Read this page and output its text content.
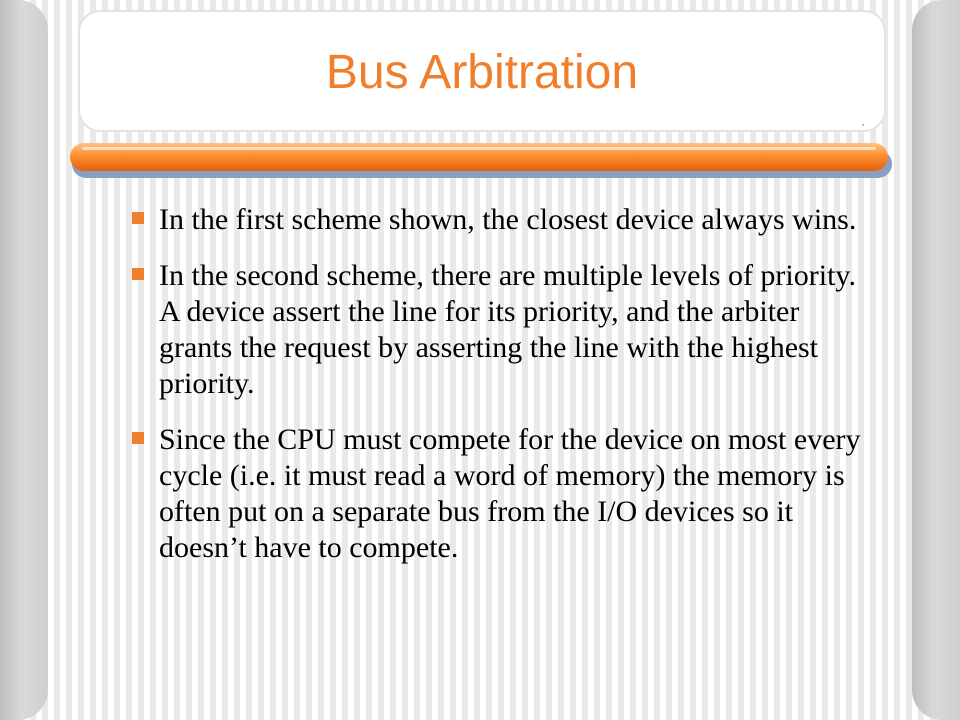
Bus Arbitration
In the first scheme shown, the closest device always wins.
In the second scheme, there are multiple levels of priority. A device assert the line for its priority, and the arbiter grants the request by asserting the line with the highest priority.
Since the CPU must compete for the device on most every cycle (i.e. it must read a word of memory) the memory is often put on a separate bus from the I/O devices so it doesn’t have to compete.
